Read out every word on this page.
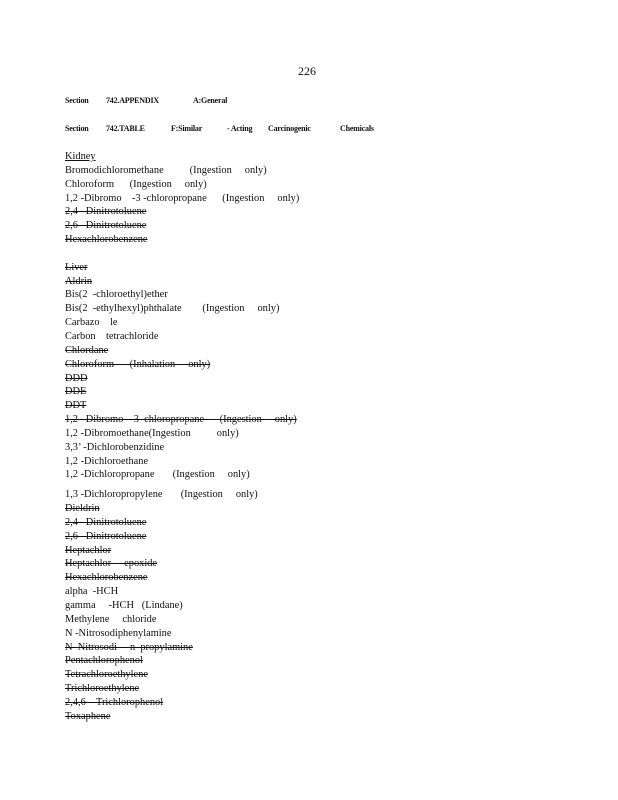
226
Section 742.APPENDIX	A:General
Section 742.TABLE	F:Similar	- Acting Carcinogenic	Chemicals
Kidney
Bromodichloromethane          (Ingestion     only)
Chloroform      (Ingestion     only)
1,2 -Dibromo    -3 -chloropropane      (Ingestion     only)
2,4   Dinitrotoluene
2,6   Dinitrotoluene
Hexachlorobenzene
Liver
Aldrin
Bis(2  -chloroethyl)ether
Bis(2  -ethylhexyl)phthalate        (Ingestion     only)
Carbazo    le
Carbon    tetrachloride
Chlordane
Chloroform      (Inhalation     only)
DDD
DDE
DDT
1,2   Dibromo    3  chloropropane      (Ingestion     only)
1,2 -Dibromoethane(Ingestion          only)
3,3’ -Dichlorobenzidine
1,2 -Dichloroethane
1,2 -Dichloropropane       (Ingestion     only)
1,3 -Dichloropropylene       (Ingestion     only)
Dieldrin
2,4   Dinitrotoluene
2,6   Dinitrotoluene
Heptachlor
Heptachlor     epoxide
Hexachlorobenzene
alpha  -HCH
gamma     -HCH   (Lindane)
Methylene     chloride
N -Nitrosodiphenylamine
N  Nitrosodi     n  propylamine
Pentachlorophenol
Tetrachloroethylene
Trichloroethylene
2,4,6    Trichlorophenol
Toxaphene
